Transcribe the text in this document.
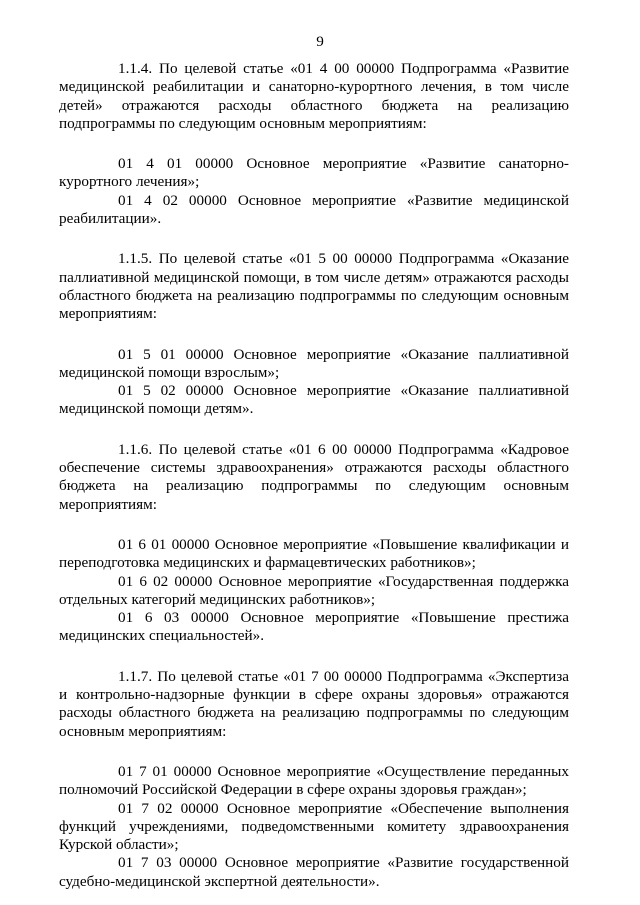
9

1.1.4. По целевой статье «01 4 00 00000 Подпрограмма «Развитие медицинской реабилитации и санаторно-курортного лечения, в том числе детей» отражаются расходы областного бюджета на реализацию подпрограммы по следующим основным мероприятиям:

01 4 01 00000 Основное мероприятие «Развитие санаторно-курортного лечения»;

01 4 02 00000 Основное мероприятие «Развитие медицинской реабилитации».

1.1.5. По целевой статье «01 5 00 00000 Подпрограмма «Оказание паллиативной медицинской помощи, в том числе детям» отражаются расходы областного бюджета на реализацию подпрограммы по следующим основным мероприятиям:

01 5 01 00000 Основное мероприятие «Оказание паллиативной медицинской помощи взрослым»;

01 5 02 00000 Основное мероприятие «Оказание паллиативной медицинской помощи детям».

1.1.6. По целевой статье «01 6 00 00000 Подпрограмма «Кадровое обеспечение системы здравоохранения» отражаются расходы областного бюджета на реализацию подпрограммы по следующим основным мероприятиям:

01 6 01 00000 Основное мероприятие «Повышение квалификации и переподготовка медицинских и фармацевтических работников»;

01 6 02 00000 Основное мероприятие «Государственная поддержка отдельных категорий медицинских работников»;

01 6 03 00000 Основное мероприятие «Повышение престижа медицинских специальностей».

1.1.7. По целевой статье «01 7 00 00000 Подпрограмма «Экспертиза и контрольно-надзорные функции в сфере охраны здоровья» отражаются расходы областного бюджета на реализацию подпрограммы по следующим основным мероприятиям:

01 7 01 00000 Основное мероприятие «Осуществление переданных полномочий Российской Федерации в сфере охраны здоровья граждан»;

01 7 02 00000 Основное мероприятие «Обеспечение выполнения функций учреждениями, подведомственными комитету здравоохранения Курской области»;

01 7 03 00000 Основное мероприятие «Развитие государственной судебно-медицинской экспертной деятельности».
